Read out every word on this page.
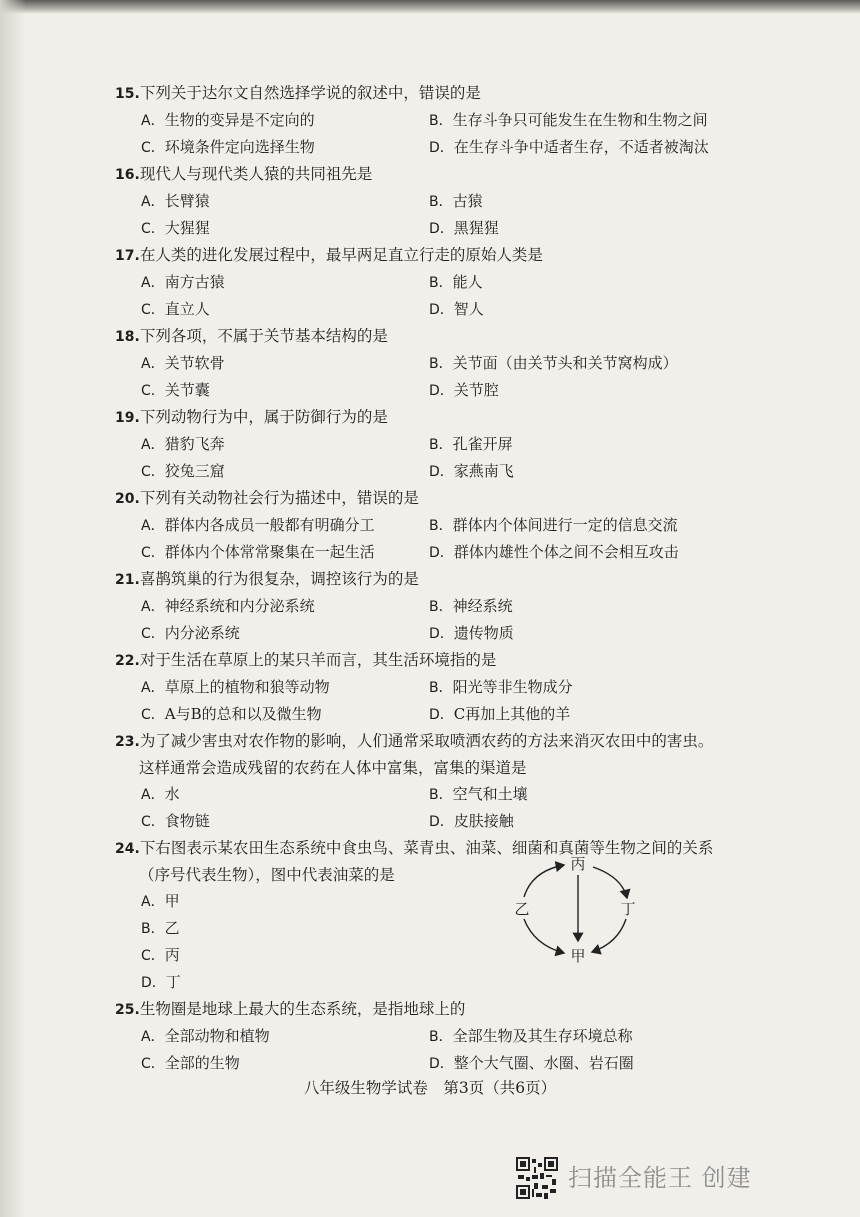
15.下列关于达尔文自然选择学说的叙述中，错误的是
A．生物的变异是不定向的	B．生存斗争只可能发生在生物和生物之间
C．环境条件定向选择生物	D．在生存斗争中适者生存，不适者被淘汰
16.现代人与现代类人猿的共同祖先是
A．长臂猿	B．古猿
C．大猩猩	D．黑猩猩
17.在人类的进化发展过程中，最早两足直立行走的原始人类是
A．南方古猿	B．能人
C．直立人	D．智人
18.下列各项，不属于关节基本结构的是
A．关节软骨	B．关节面（由关节头和关节窝构成）
C．关节囊	D．关节腔
19.下列动物行为中，属于防御行为的是
A．猎豹飞奔	B．孔雀开屏
C．狡兔三窟	D．家燕南飞
20.下列有关动物社会行为描述中，错误的是
A．群体内各成员一般都有明确分工	B．群体内个体间进行一定的信息交流
C．群体内个体常常聚集在一起生活	D．群体内雄性个体之间不会相互攻击
21.喜鹊筑巢的行为很复杂，调控该行为的是
A．神经系统和内分泌系统	B．神经系统
C．内分泌系统	D．遗传物质
22.对于生活在草原上的某只羊而言，其生活环境指的是
A．草原上的植物和狼等动物	B．阳光等非生物成分
C．A与B的总和以及微生物	D．C再加上其他的羊
23.为了减少害虫对农作物的影响，人们通常采取喷洒农药的方法来消灭农田中的害虫。
这样通常会造成残留的农药在人体中富集，富集的渠道是
A．水	B．空气和土壤
C．食物链	D．皮肤接触
24.下右图表示某农田生态系统中食虫鸟、菜青虫、油菜、细菌和真菌等生物之间的关系
（序号代表生物），图中代表油菜的是
A．甲
B．乙
C．丙
D．丁
25.生物圈是地球上最大的生态系统，是指地球上的
A．全部动物和植物	B．全部生物及其生存环境总称
C．全部的生物	D．整个大气圈、水圈、岩石圈
丙
乙	丁
甲
八年级生物学试卷　第3页（共6页）
扫描全能王 创建
